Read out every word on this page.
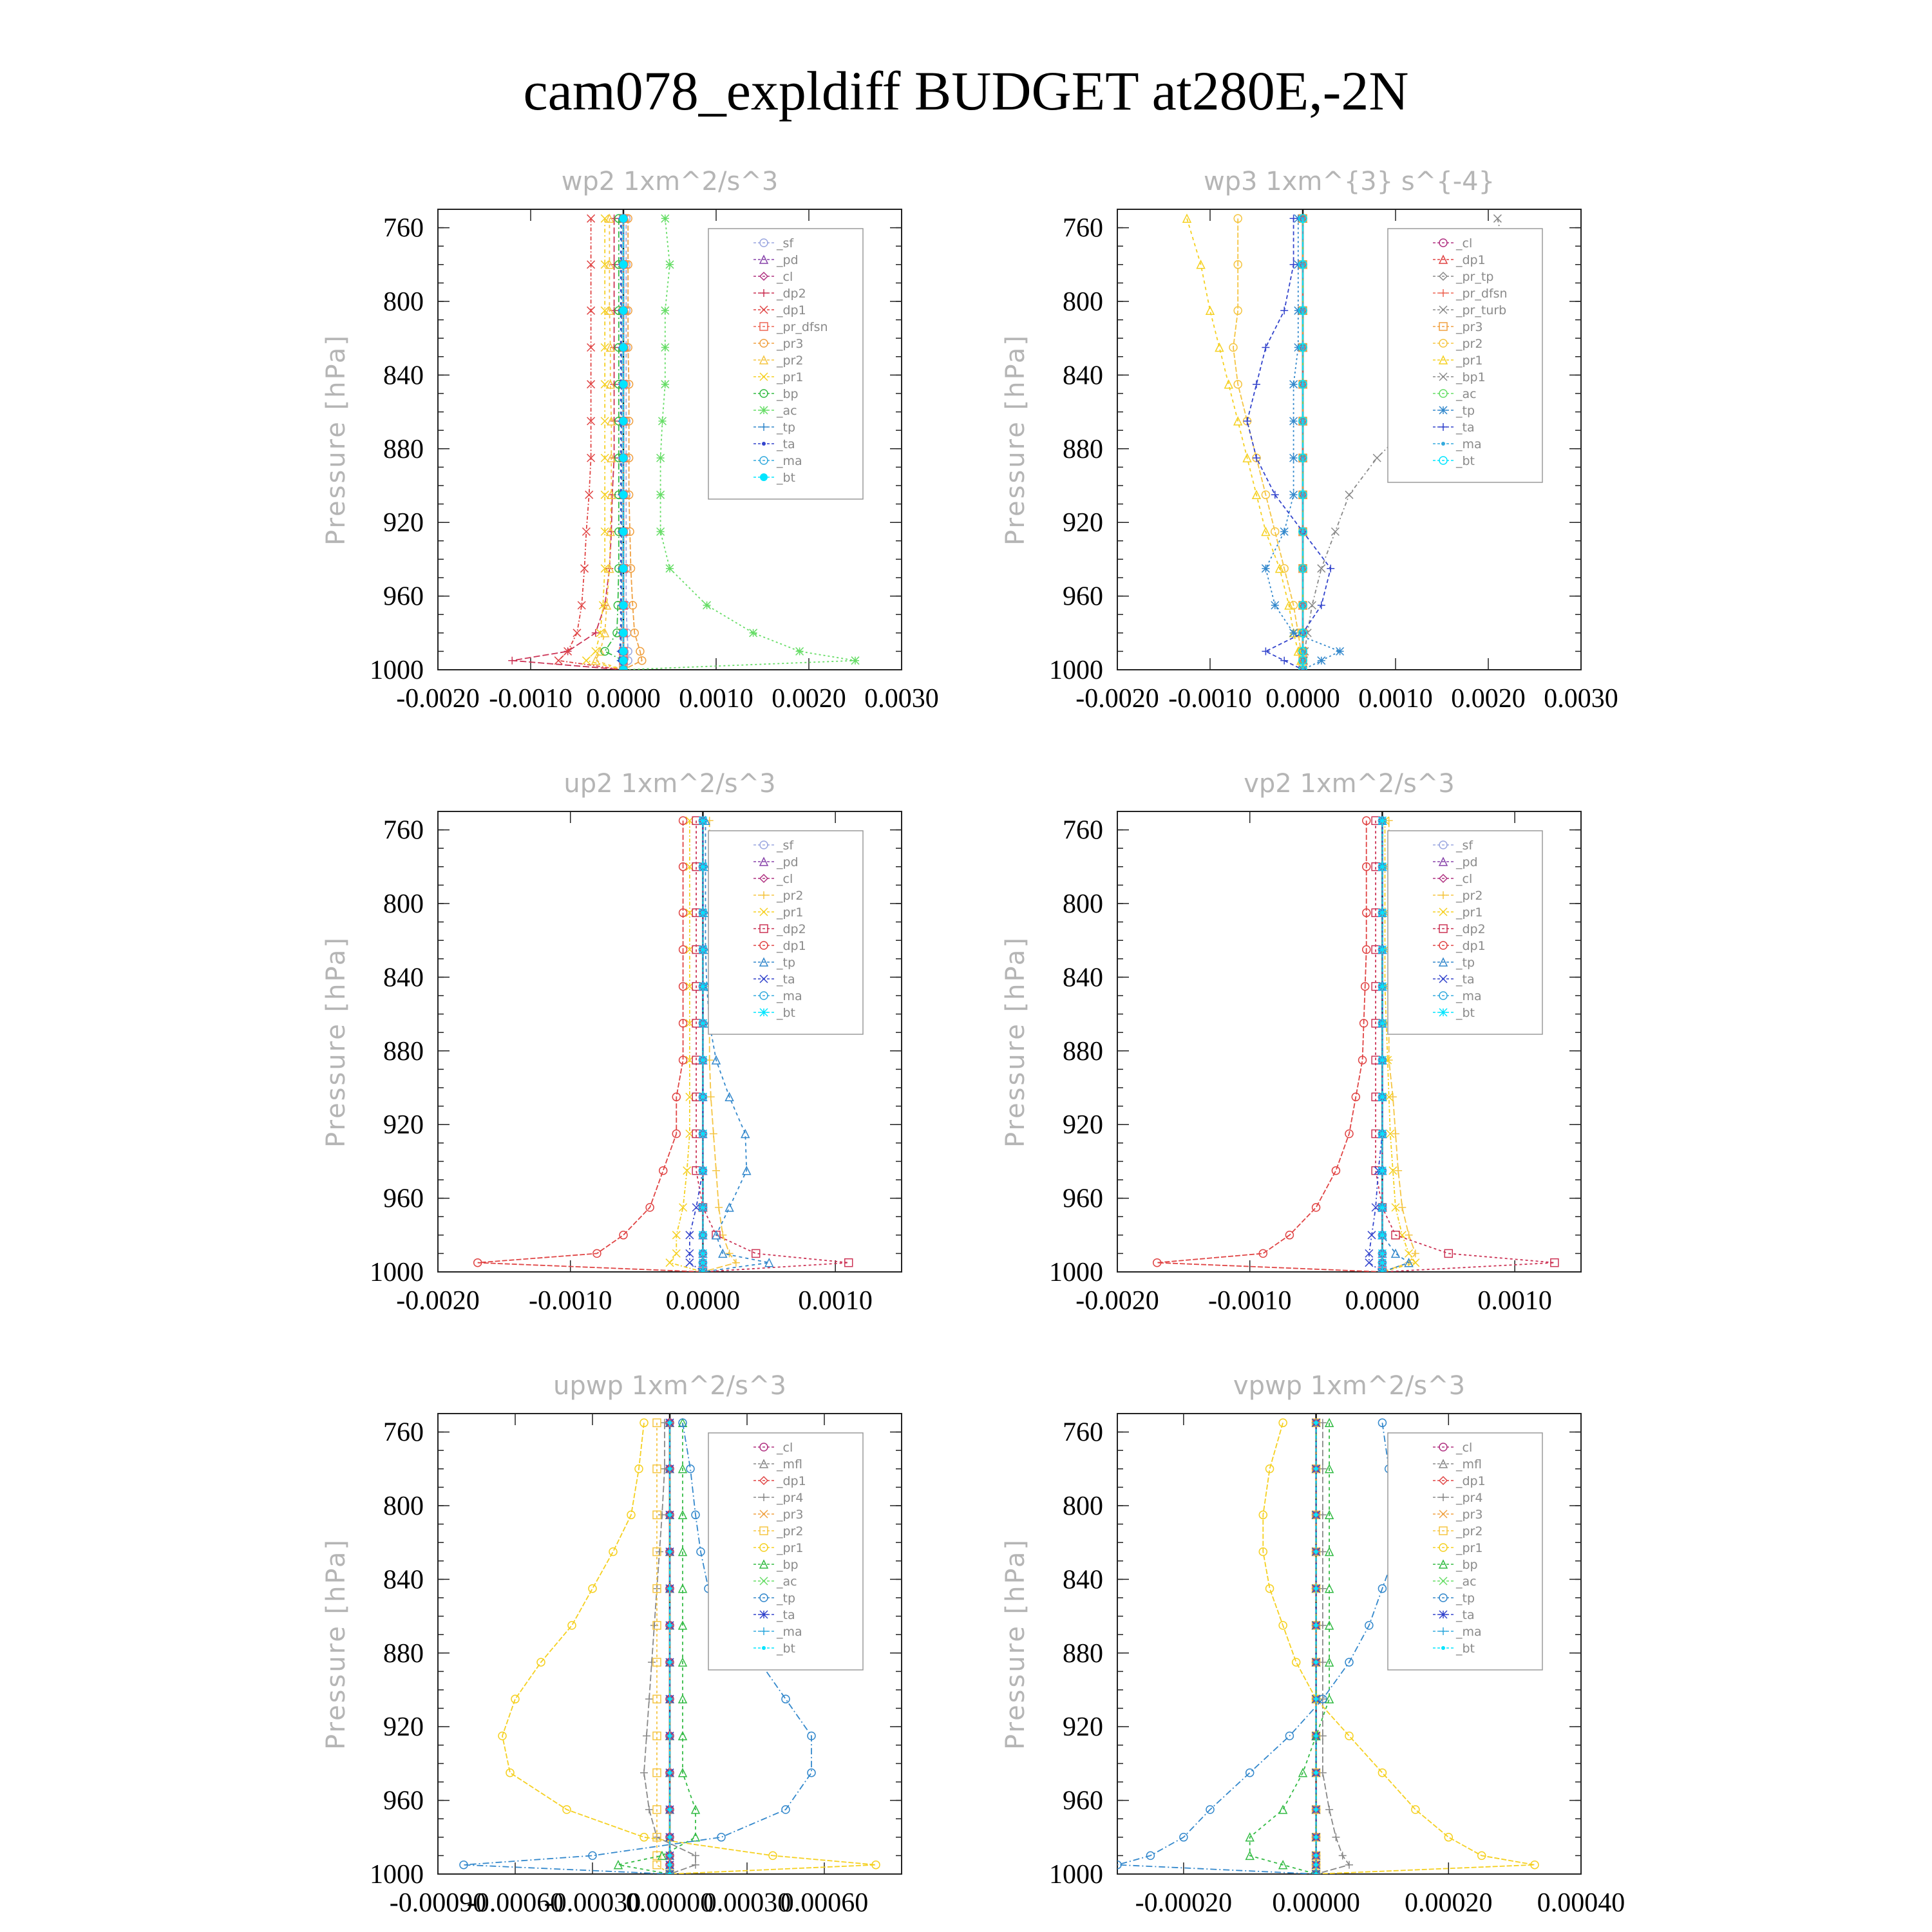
cam078_expldiff BUDGET at280E,-2N
wp2 1xm^2/s^3
Pressure [hPa]
760
800
840
880
920
960
1000
-0.0020 -0.0010 0.0000 0.0010 0.0020 0.0030
_sf
_pd
_cl
_dp2
_dp1
_pr_dfsn
_pr3
_pr2
_pr1
_bp
_ac
_tp
_ta
_ma
_bt
wp3 1xm^{3} s^{-4}
Pressure [hPa]
760
800
840
880
920
960
1000
-0.0020 -0.0010 0.0000 0.0010 0.0020 0.0030
_cl
_dp1
_pr_tp
_pr_dfsn
_pr_turb
_pr3
_pr2
_pr1
_bp1
_ac
_tp
_ta
_ma
_bt
up2 1xm^2/s^3
Pressure [hPa]
760
800
840
880
920
960
1000
-0.0020 -0.0010 0.0000 0.0010
_sf
_pd
_cl
_pr2
_pr1
_dp2
_dp1
_tp
_ta
_ma
_bt
vp2 1xm^2/s^3
Pressure [hPa]
760
800
840
880
920
960
1000
-0.0020 -0.0010 0.0000 0.0010
_sf
_pd
_cl
_pr2
_pr1
_dp2
_dp1
_tp
_ta
_ma
_bt
upwp 1xm^2/s^3
Pressure [hPa]
760
800
840
880
920
960
1000
-0.00090
-0.00060
-0.00030
0.00000
0.00030
0.00060
_cl
_mfl
_dp1
_pr4
_pr3
_pr2
_pr1
_bp
_ac
_tp
_ta
_ma
_bt
vpwp 1xm^2/s^3
Pressure [hPa]
760
800
840
880
920
960
1000
-0.00020 0.00000 0.00020 0.00040
_cl
_mfl
_dp1
_pr4
_pr3
_pr2
_pr1
_bp
_ac
_tp
_ta
_ma
_bt
